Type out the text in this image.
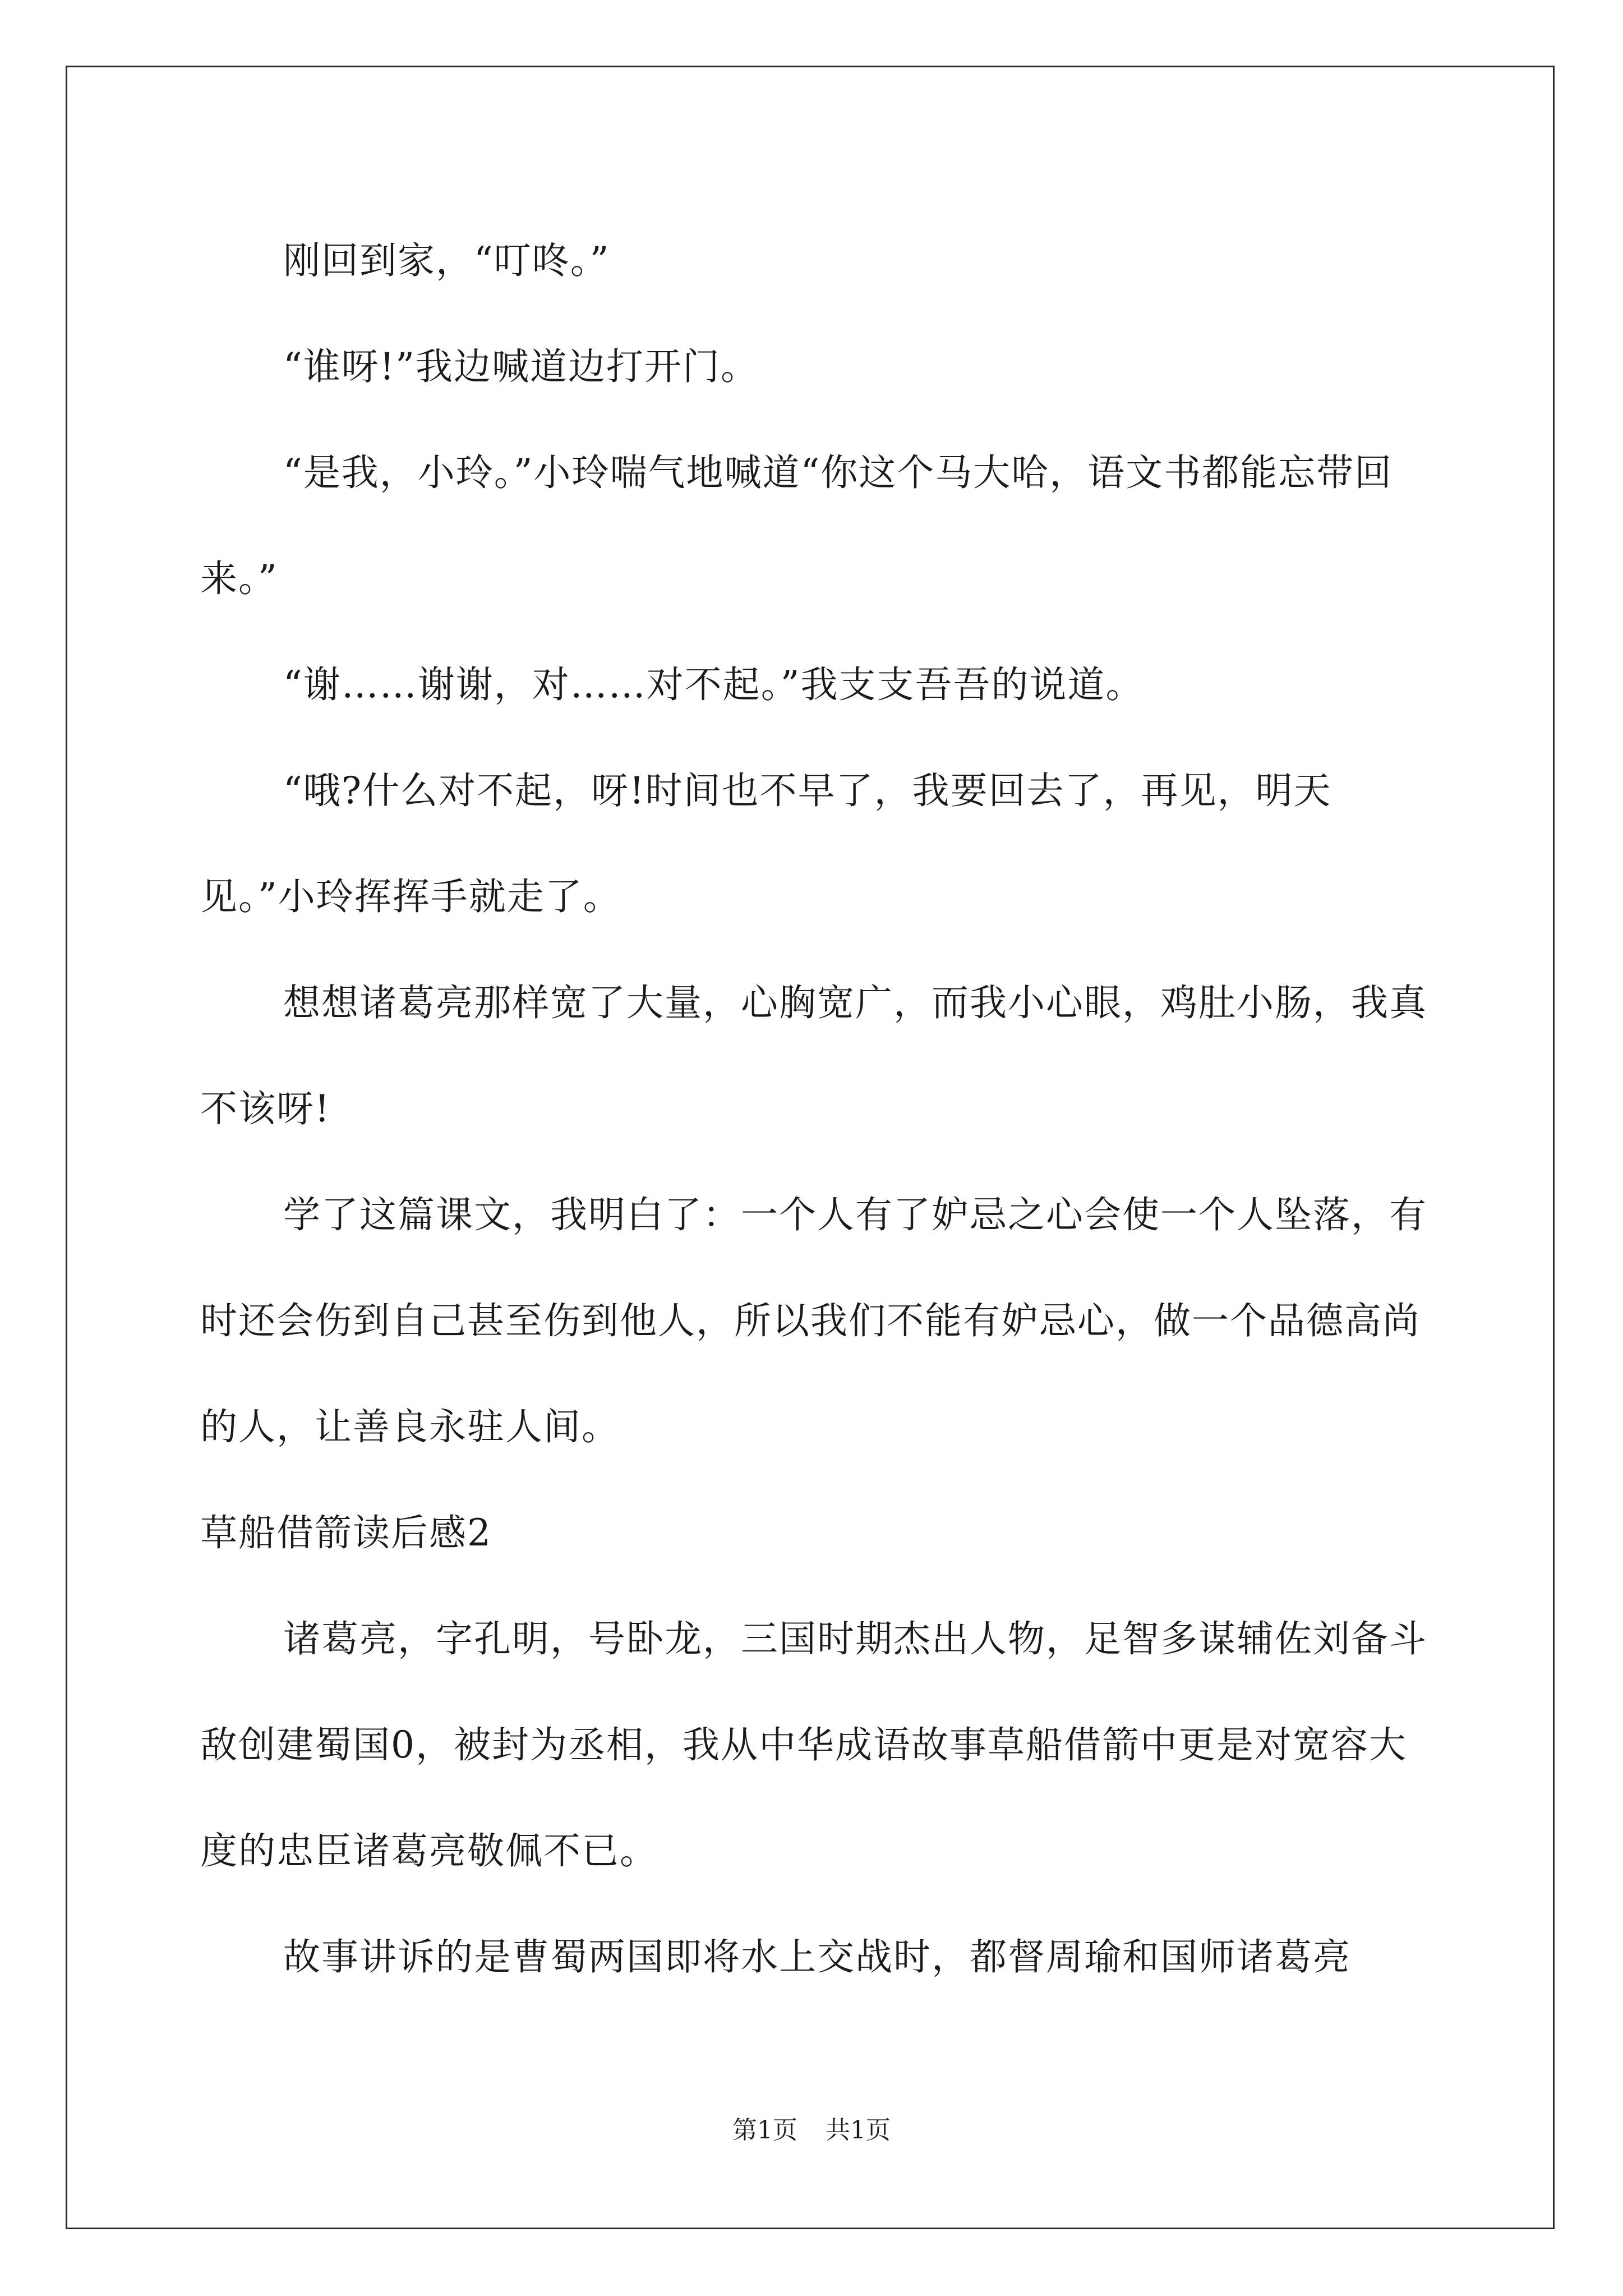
刚回到家，“叮咚。”

“谁呀!”我边喊道边打开门。

“是我，小玲。”小玲喘气地喊道“你这个马大哈，语文书都能忘带回来。”

“谢……谢谢，对……对不起。”我支支吾吾的说道。

“哦?什么对不起，呀!时间也不早了，我要回去了，再见，明天见。”小玲挥挥手就走了。

想想诸葛亮那样宽了大量，心胸宽广，而我小心眼，鸡肚小肠，我真不该呀!

学了这篇课文，我明白了：一个人有了妒忌之心会使一个人坠落，有时还会伤到自己甚至伤到他人，所以我们不能有妒忌心，做一个品德高尚的人，让善良永驻人间。

草船借箭读后感2

诸葛亮，字孔明，号卧龙，三国时期杰出人物，足智多谋辅佐刘备斗敌创建蜀国0，被封为丞相，我从中华成语故事草船借箭中更是对宽容大度的忠臣诸葛亮敬佩不已。

故事讲诉的是曹蜀两国即将水上交战时，都督周瑜和国师诸葛亮

第1页 共1页
